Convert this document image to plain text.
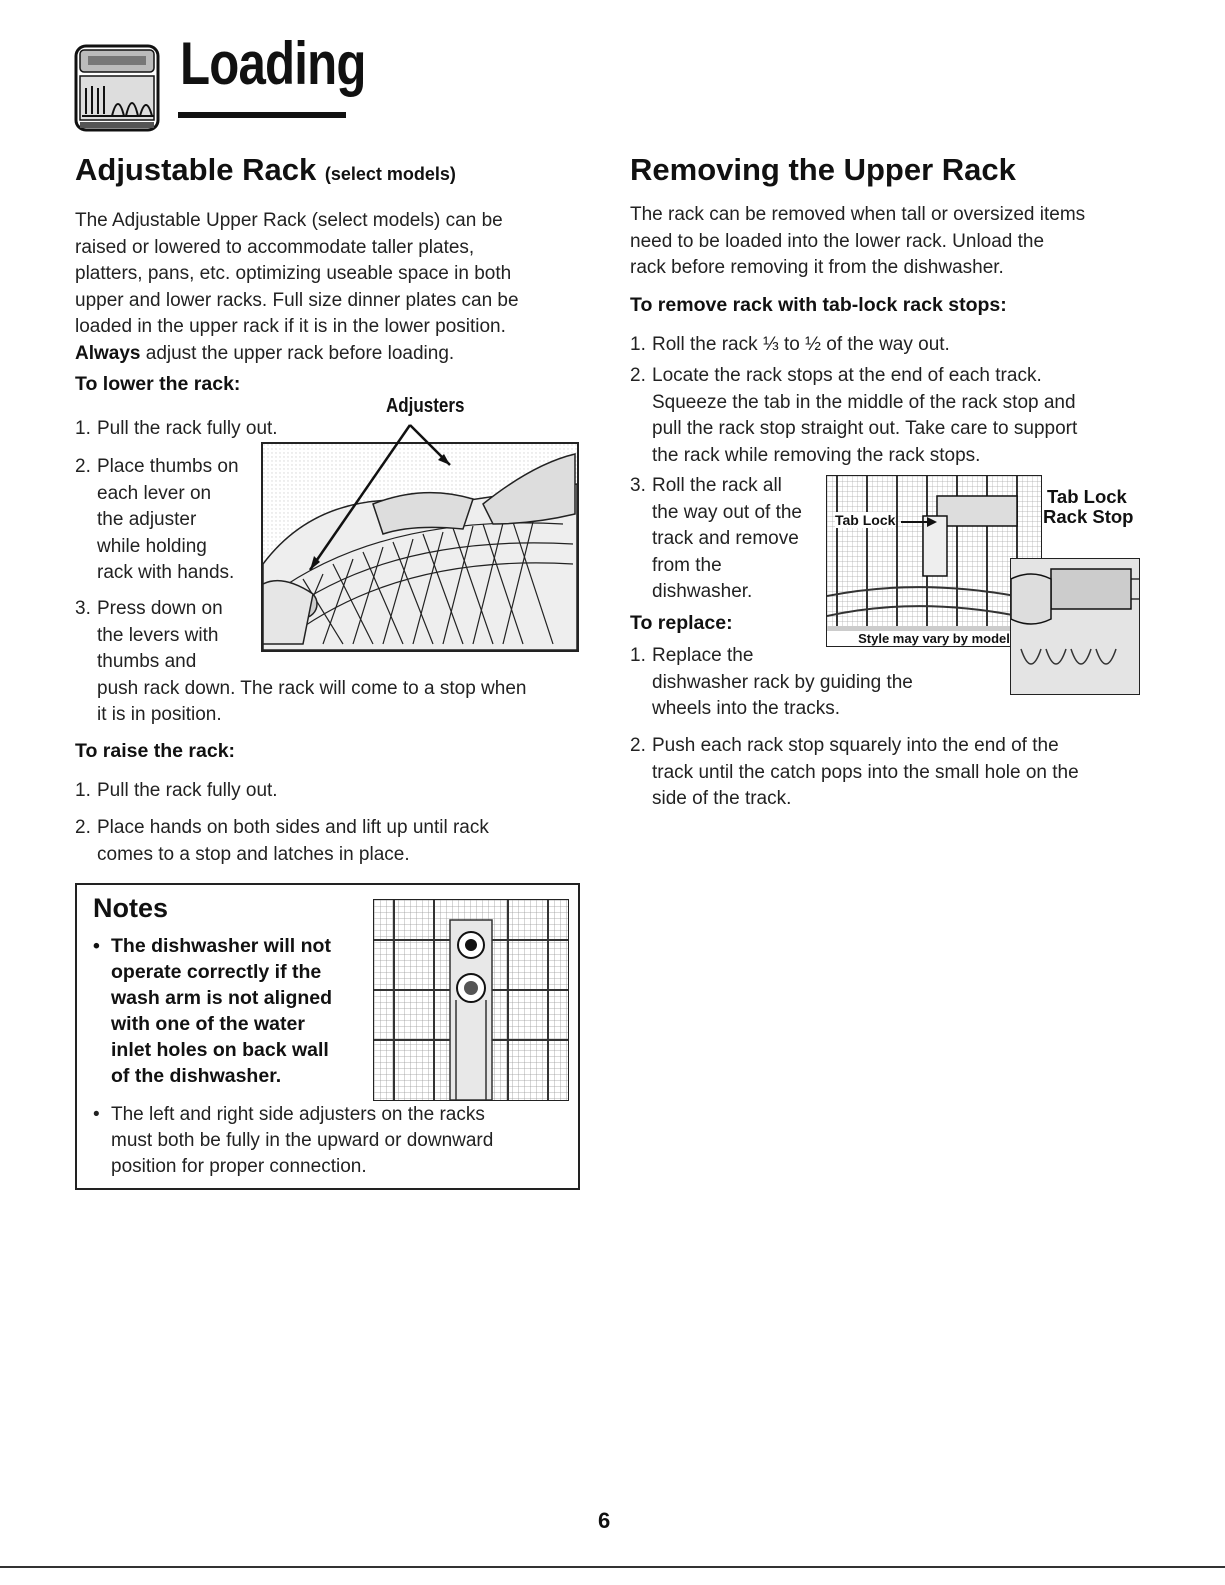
Loading
Adjustable Rack (select models)
The Adjustable Upper Rack (select models) can be
raised or lowered to accommodate taller plates,
platters, pans, etc. optimizing useable space in both
upper and lower racks. Full size dinner plates can be
loaded in the upper rack if it is in the lower position.
Always adjust the upper rack before loading.
To lower the rack:
1. Pull the rack fully out.
Adjusters
2. Place thumbs on
each lever on
the adjuster
while holding
rack with hands.
3. Press down on
the levers with
thumbs and
push rack down. The rack will come to a stop when
it is in position.
To raise the rack:
1. Pull the rack fully out.
2. Place hands on both sides and lift up until rack
comes to a stop and latches in place.
Notes
• The dishwasher will not
operate correctly if the
wash arm is not aligned
with one of the water
inlet holes on back wall
of the dishwasher.
• The left and right side adjusters on the racks
must both be fully in the upward or downward
position for proper connection.
Removing the Upper Rack
The rack can be removed when tall or oversized items
need to be loaded into the lower rack. Unload the
rack before removing it from the dishwasher.
To remove rack with tab-lock rack stops:
1. Roll the rack ⅓ to ½ of the way out.
2. Locate the rack stops at the end of each track.
Squeeze the tab in the middle of the rack stop and
pull the rack stop straight out. Take care to support
the rack while removing the rack stops.
3. Roll the rack all
the way out of the
track and remove
from the
dishwasher.
Tab Lock
Style may vary by model
Tab Lock
Rack Stop
To replace:
1. Replace the
dishwasher rack by guiding the
wheels into the tracks.
2. Push each rack stop squarely into the end of the
track until the catch pops into the small hole on the
side of the track.
6
